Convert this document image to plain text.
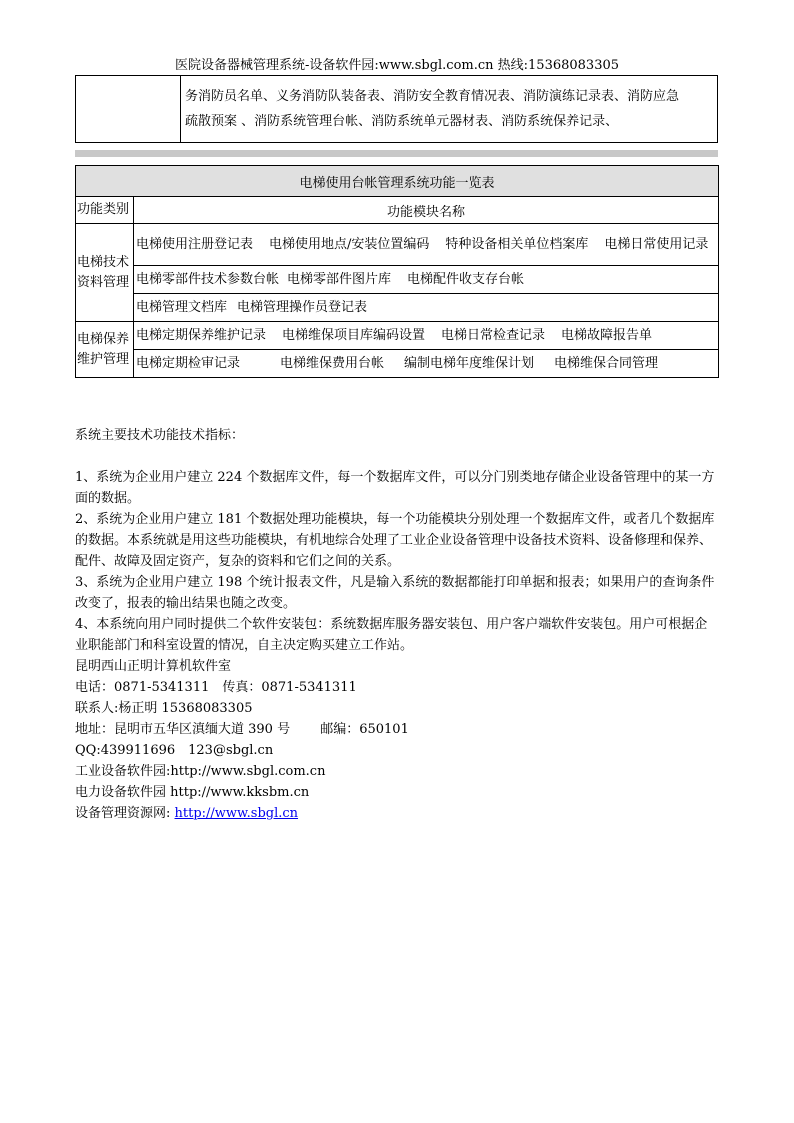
医院设备器械管理系统-设备软件园:www.sbgl.com.cn 热线:15368083305
务消防员名单、义务消防队装备表、消防安全教育情况表、消防演练记录表、消防应急
疏散预案 、消防系统管理台帐、消防系统单元器材表、消防系统保养记录、
电梯使用台帐管理系统功能一览表	
功能类别	功能模块名称
电梯技术资料管理	电梯使用注册登记表 电梯使用地点/安装位置编码 特种设备相关单位档案库 电梯日常使用记录
	电梯零部件技术参数台帐 电梯零部件图片库 电梯配件收支存台帐
	电梯管理文档库 电梯管理操作员登记表
电梯保养维护管理	电梯定期保养维护记录 电梯维保项目库编码设置 电梯日常检查记录 电梯故障报告单
	电梯定期检审记录 电梯维保费用台帐 编制电梯年度维保计划 电梯维保合同管理

系统主要技术功能技术指标：

1、系统为企业用户建立 224 个数据库文件，每一个数据库文件，可以分门别类地存储企业设备管理中的某一方面的数据。

2、系统为企业用户建立 181 个数据处理功能模块，每一个功能模块分别处理一个数据库文件，或者几个数据库的数据。本系统就是用这些功能模块，有机地综合处理了工业企业设备管理中设备技术资料、设备修理和保养、配件、故障及固定资产，复杂的资料和它们之间的关系。

3、系统为企业用户建立 198 个统计报表文件，凡是输入系统的数据都能打印单据和报表；如果用户的查询条件改变了，报表的输出结果也随之改变。

4、本系统向用户同时提供二个软件安装包：系统数据库服务器安装包、用户客户端软件安装包。用户可根据企业职能部门和科室设置的情况，自主决定购买建立工作站。

昆明西山正明计算机软件室

电话：0871-5341311　传真：0871-5341311

联系人:杨正明 15368083305

地址：昆明市五华区滇缅大道 390 号　　 邮编：650101

QQ:439911696　123@sbgl.cn

工业设备软件园:http://www.sbgl.com.cn

电力设备软件园 http://www.kksbm.cn

设备管理资源网: http://www.sbgl.cn
